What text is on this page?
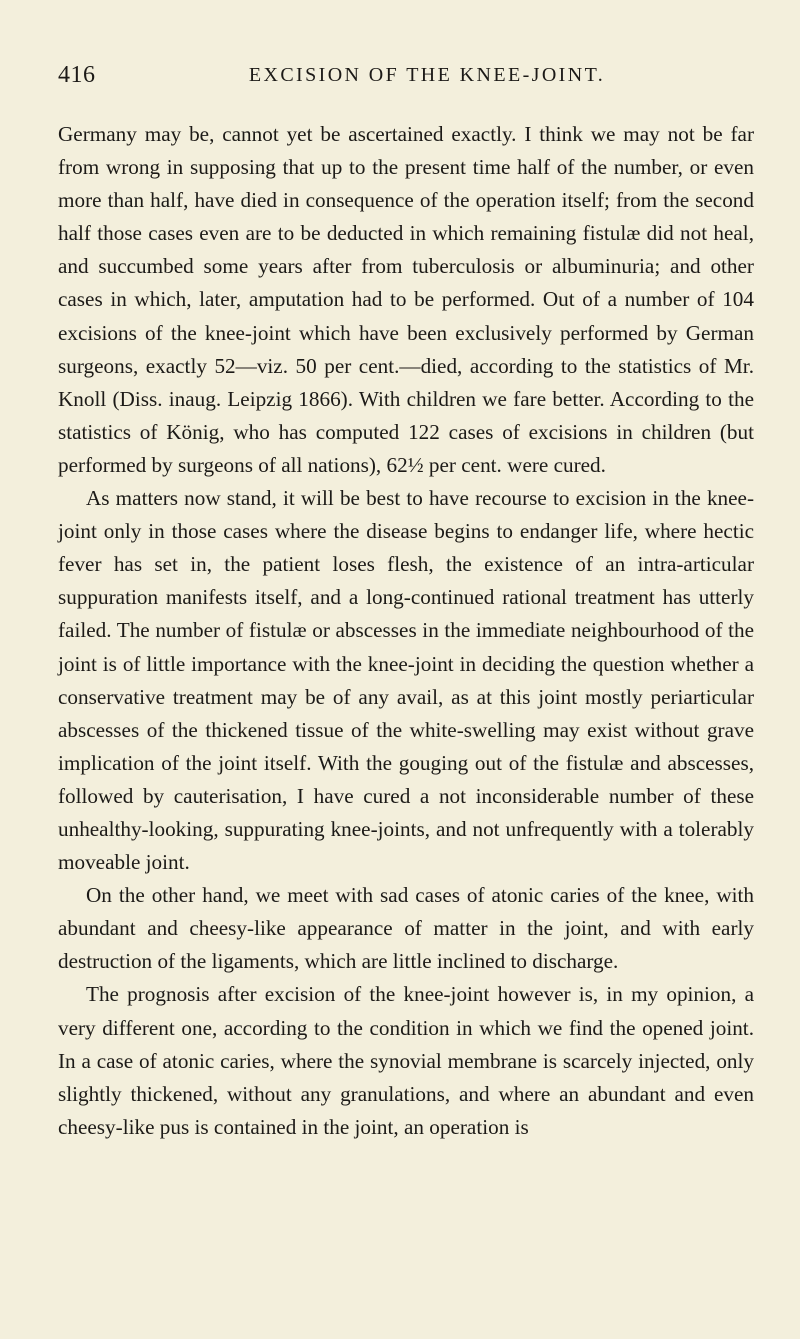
416	EXCISION OF THE KNEE-JOINT.

Germany may be, cannot yet be ascertained exactly. I think we may not be far from wrong in supposing that up to the present time half of the number, or even more than half, have died in consequence of the operation itself; from the second half those cases even are to be deducted in which remaining fistulæ did not heal, and succumbed some years after from tuberculosis or albuminuria; and other cases in which, later, amputation had to be performed. Out of a number of 104 excisions of the knee-joint which have been exclusively performed by German surgeons, exactly 52—viz. 50 per cent.—died, according to the statistics of Mr. Knoll (Diss. inaug. Leipzig 1866). With children we fare better. According to the statistics of König, who has computed 122 cases of excisions in children (but performed by surgeons of all nations), 62½ per cent. were cured.

As matters now stand, it will be best to have recourse to excision in the knee-joint only in those cases where the disease begins to endanger life, where hectic fever has set in, the patient loses flesh, the existence of an intra-articular suppuration manifests itself, and a long-continued rational treatment has utterly failed. The number of fistulæ or abscesses in the immediate neighbourhood of the joint is of little importance with the knee-joint in deciding the question whether a conservative treatment may be of any avail, as at this joint mostly periarticular abscesses of the thickened tissue of the white-swelling may exist without grave implication of the joint itself. With the gouging out of the fistulæ and abscesses, followed by cauterisation, I have cured a not inconsiderable number of these unhealthy-looking, suppurating knee-joints, and not unfrequently with a tolerably moveable joint.

On the other hand, we meet with sad cases of atonic caries of the knee, with abundant and cheesy-like appearance of matter in the joint, and with early destruction of the ligaments, which are little inclined to discharge.

The prognosis after excision of the knee-joint however is, in my opinion, a very different one, according to the condition in which we find the opened joint. In a case of atonic caries, where the synovial membrane is scarcely injected, only slightly thickened, without any granulations, and where an abundant and even cheesy-like pus is contained in the joint, an operation is
